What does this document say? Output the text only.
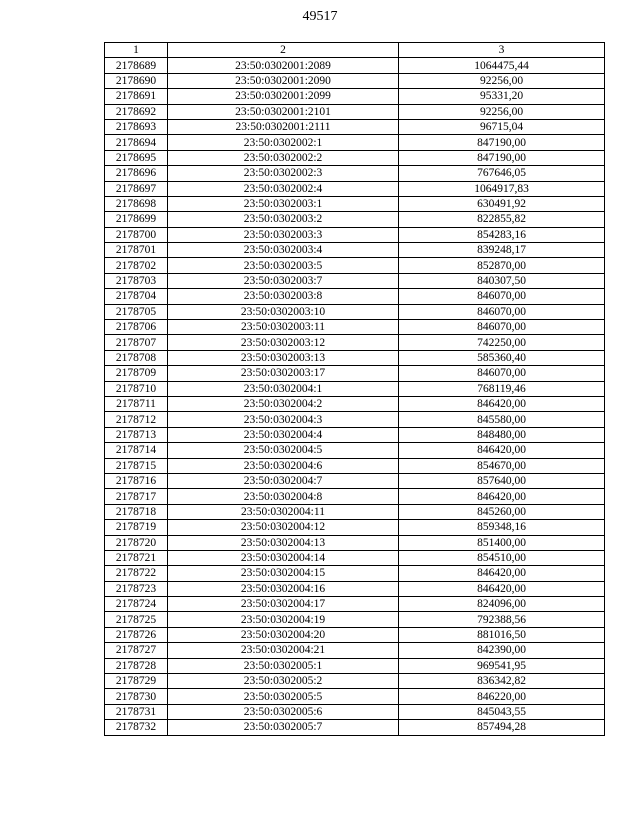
49517
1	2	3
2178689	23:50:0302001:2089	1064475,44
2178690	23:50:0302001:2090	92256,00
2178691	23:50:0302001:2099	95331,20
2178692	23:50:0302001:2101	92256,00
2178693	23:50:0302001:2111	96715,04
2178694	23:50:0302002:1	847190,00
2178695	23:50:0302002:2	847190,00
2178696	23:50:0302002:3	767646,05
2178697	23:50:0302002:4	1064917,83
2178698	23:50:0302003:1	630491,92
2178699	23:50:0302003:2	822855,82
2178700	23:50:0302003:3	854283,16
2178701	23:50:0302003:4	839248,17
2178702	23:50:0302003:5	852870,00
2178703	23:50:0302003:7	840307,50
2178704	23:50:0302003:8	846070,00
2178705	23:50:0302003:10	846070,00
2178706	23:50:0302003:11	846070,00
2178707	23:50:0302003:12	742250,00
2178708	23:50:0302003:13	585360,40
2178709	23:50:0302003:17	846070,00
2178710	23:50:0302004:1	768119,46
2178711	23:50:0302004:2	846420,00
2178712	23:50:0302004:3	845580,00
2178713	23:50:0302004:4	848480,00
2178714	23:50:0302004:5	846420,00
2178715	23:50:0302004:6	854670,00
2178716	23:50:0302004:7	857640,00
2178717	23:50:0302004:8	846420,00
2178718	23:50:0302004:11	845260,00
2178719	23:50:0302004:12	859348,16
2178720	23:50:0302004:13	851400,00
2178721	23:50:0302004:14	854510,00
2178722	23:50:0302004:15	846420,00
2178723	23:50:0302004:16	846420,00
2178724	23:50:0302004:17	824096,00
2178725	23:50:0302004:19	792388,56
2178726	23:50:0302004:20	881016,50
2178727	23:50:0302004:21	842390,00
2178728	23:50:0302005:1	969541,95
2178729	23:50:0302005:2	836342,82
2178730	23:50:0302005:5	846220,00
2178731	23:50:0302005:6	845043,55
2178732	23:50:0302005:7	857494,28
